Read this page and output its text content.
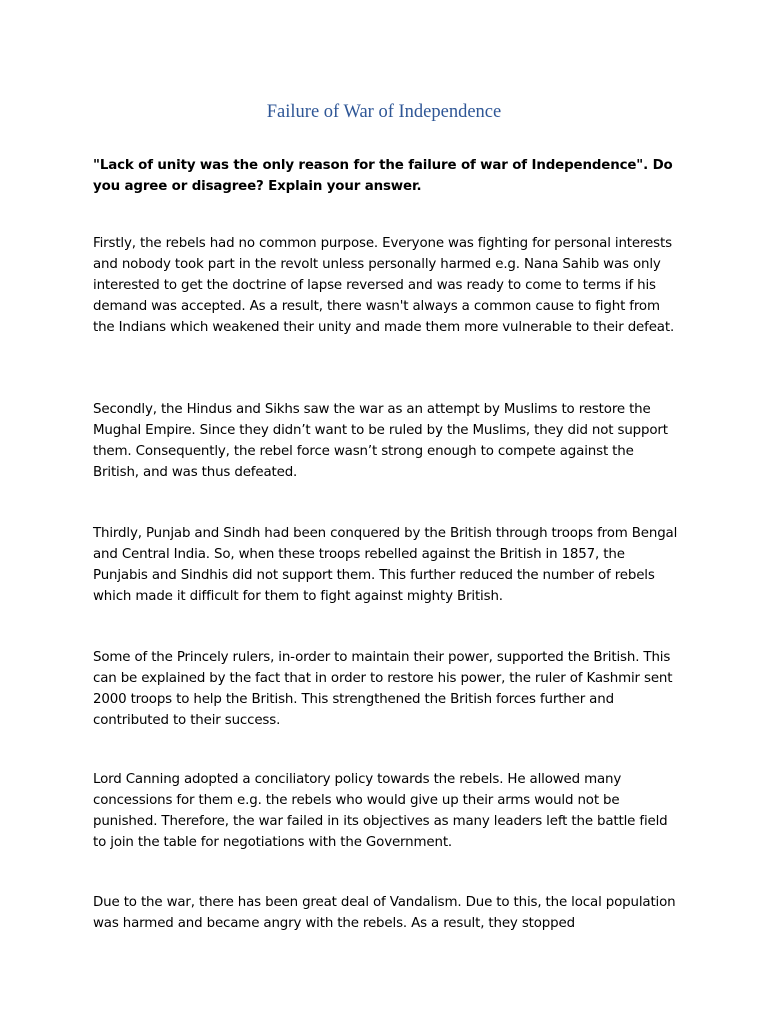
Failure of War of Independence

"Lack of unity was the only reason for the failure of war of Independence". Do you agree or disagree? Explain your answer.

Firstly, the rebels had no common purpose. Everyone was fighting for personal interests and nobody took part in the revolt unless personally harmed e.g. Nana Sahib was only interested to get the doctrine of lapse reversed and was ready to come to terms if his demand was accepted. As a result, there wasn't always a common cause to fight from the Indians which weakened their unity and made them more vulnerable to their defeat.

Secondly, the Hindus and Sikhs saw the war as an attempt by Muslims to restore the Mughal Empire. Since they didn’t want to be ruled by the Muslims, they did not support them. Consequently, the rebel force wasn’t strong enough to compete against the British, and was thus defeated.

Thirdly, Punjab and Sindh had been conquered by the British through troops from Bengal and Central India. So, when these troops rebelled against the British in 1857, the Punjabis and Sindhis did not support them. This further reduced the number of rebels which made it difficult for them to fight against mighty British.

Some of the Princely rulers, in-order to maintain their power, supported the British. This can be explained by the fact that in order to restore his power, the ruler of Kashmir sent 2000 troops to help the British. This strengthened the British forces further and contributed to their success.

Lord Canning adopted a conciliatory policy towards the rebels. He allowed many concessions for them e.g. the rebels who would give up their arms would not be punished. Therefore, the war failed in its objectives as many leaders left the battle field to join the table for negotiations with the Government.

Due to the war, there has been great deal of Vandalism. Due to this, the local population was harmed and became angry with the rebels. As a result, they stopped
